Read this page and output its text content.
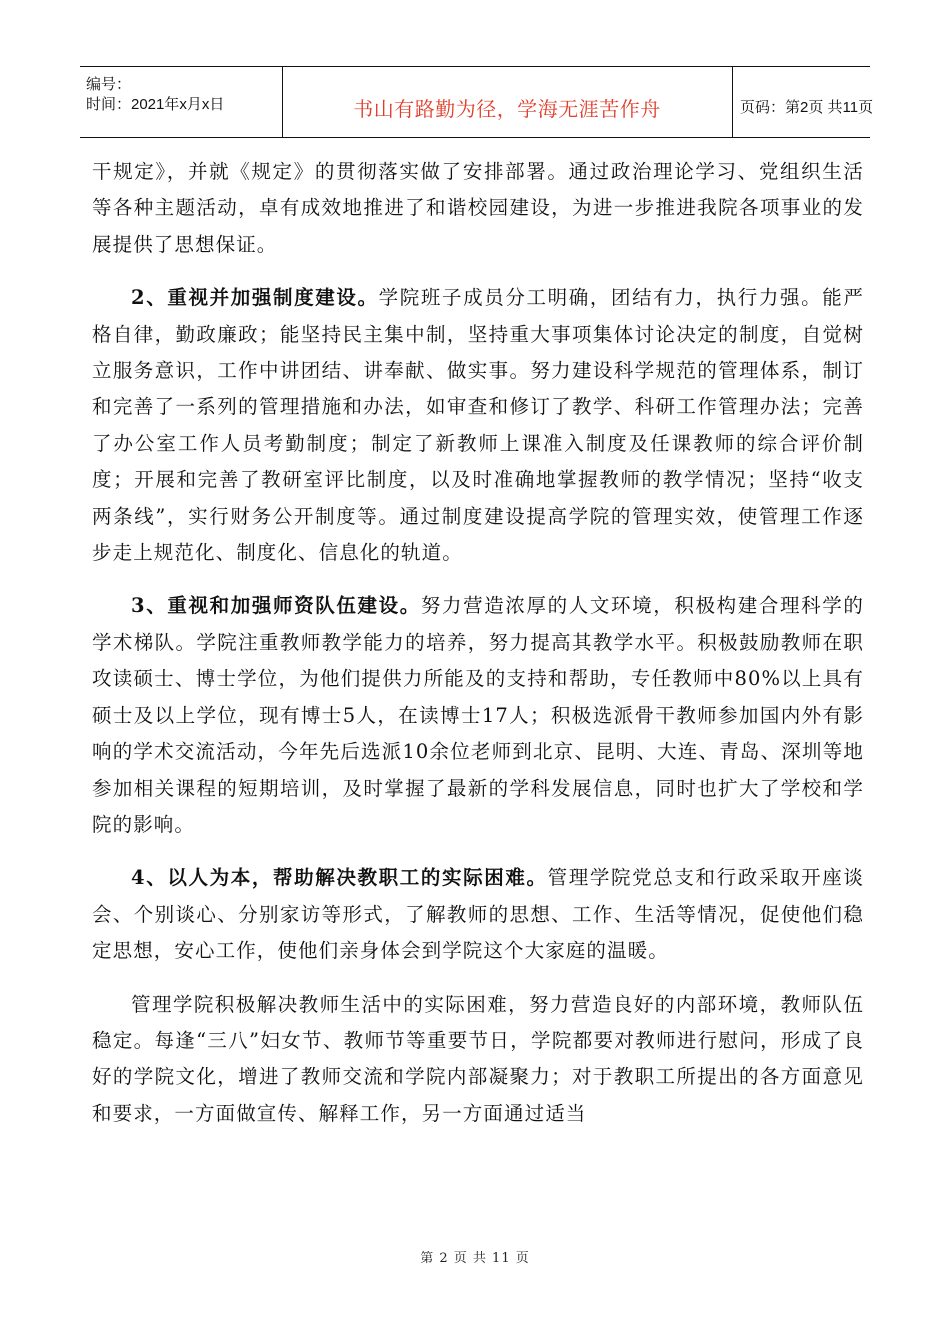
编号：
时间：2021年x月x日	书山有路勤为径，学海无涯苦作舟	页码：第2页 共11页

干规定》，并就《规定》的贯彻落实做了安排部署。通过政治理论学习、党组织生活等各种主题活动，卓有成效地推进了和谐校园建设，为进一步推进我院各项事业的发展提供了思想保证。

2、重视并加强制度建设。学院班子成员分工明确，团结有力，执行力强。能严格自律，勤政廉政；能坚持民主集中制，坚持重大事项集体讨论决定的制度，自觉树立服务意识，工作中讲团结、讲奉献、做实事。努力建设科学规范的管理体系，制订和完善了一系列的管理措施和办法，如审查和修订了教学、科研工作管理办法；完善了办公室工作人员考勤制度；制定了新教师上课准入制度及任课教师的综合评价制度；开展和完善了教研室评比制度，以及时准确地掌握教师的教学情况；坚持“收支两条线”，实行财务公开制度等。通过制度建设提高学院的管理实效，使管理工作逐步走上规范化、制度化、信息化的轨道。

3、重视和加强师资队伍建设。努力营造浓厚的人文环境，积极构建合理科学的学术梯队。学院注重教师教学能力的培养，努力提高其教学水平。积极鼓励教师在职攻读硕士、博士学位，为他们提供力所能及的支持和帮助，专任教师中80%以上具有硕士及以上学位，现有博士5人，在读博士17人；积极选派骨干教师参加国内外有影响的学术交流活动，今年先后选派10余位老师到北京、昆明、大连、青岛、深圳等地参加相关课程的短期培训，及时掌握了最新的学科发展信息，同时也扩大了学校和学院的影响。

4、以人为本，帮助解决教职工的实际困难。管理学院党总支和行政采取开座谈会、个别谈心、分别家访等形式，了解教师的思想、工作、生活等情况，促使他们稳定思想，安心工作，使他们亲身体会到学院这个大家庭的温暖。

管理学院积极解决教师生活中的实际困难，努力营造良好的内部环境，教师队伍稳定。每逢“三八”妇女节、教师节等重要节日，学院都要对教师进行慰问，形成了良好的学院文化，增进了教师交流和学院内部凝聚力；对于教职工所提出的各方面意见和要求，一方面做宣传、解释工作，另一方面通过适当

第 2 页 共 11 页
